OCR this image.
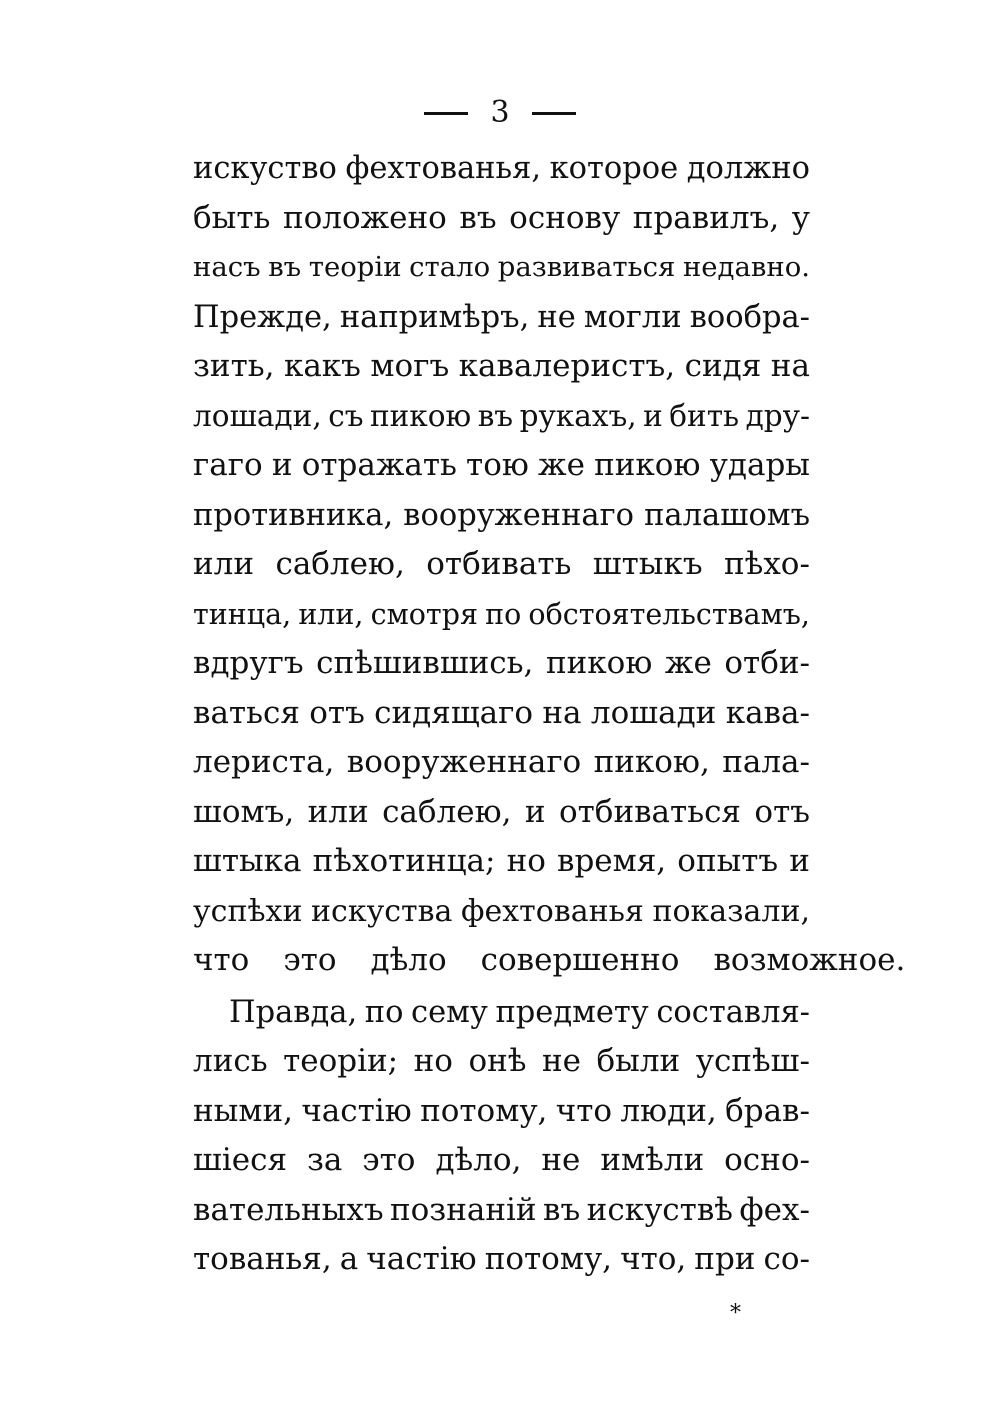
3
искуство фехтованья, которое должно
быть положено въ основу правилъ, у
насъ въ теоріи стало развиваться недавно.
Прежде, напримѣръ, не могли вообра-
зить, какъ могъ кавалеристъ, сидя на
лошади, съ пикою въ рукахъ, и бить дру-
гаго и отражать тою же пикою удары
противника, вооруженнаго палашомъ
или саблею, отбивать штыкъ пѣхо-
тинца, или, смотря по обстоятельствамъ,
вдругъ спѣшившись, пикою же отби-
ваться отъ сидящаго на лошади кава-
лериста, вооруженнаго пикою, пала-
шомъ, или саблею, и отбиваться отъ
штыка пѣхотинца; но время, опытъ и
успѣхи искуства фехтованья показали,
что это дѣло совершенно возможное.
Правда, по сему предмету составля-
лись теоріи; но онѣ не были успѣш-
ными, частію потому, что люди, брав-
шіеся за это дѣло, не имѣли осно-
вательныхъ познаній въ искуствѣ фех-
тованья, а частію потому, что, при со-
*
